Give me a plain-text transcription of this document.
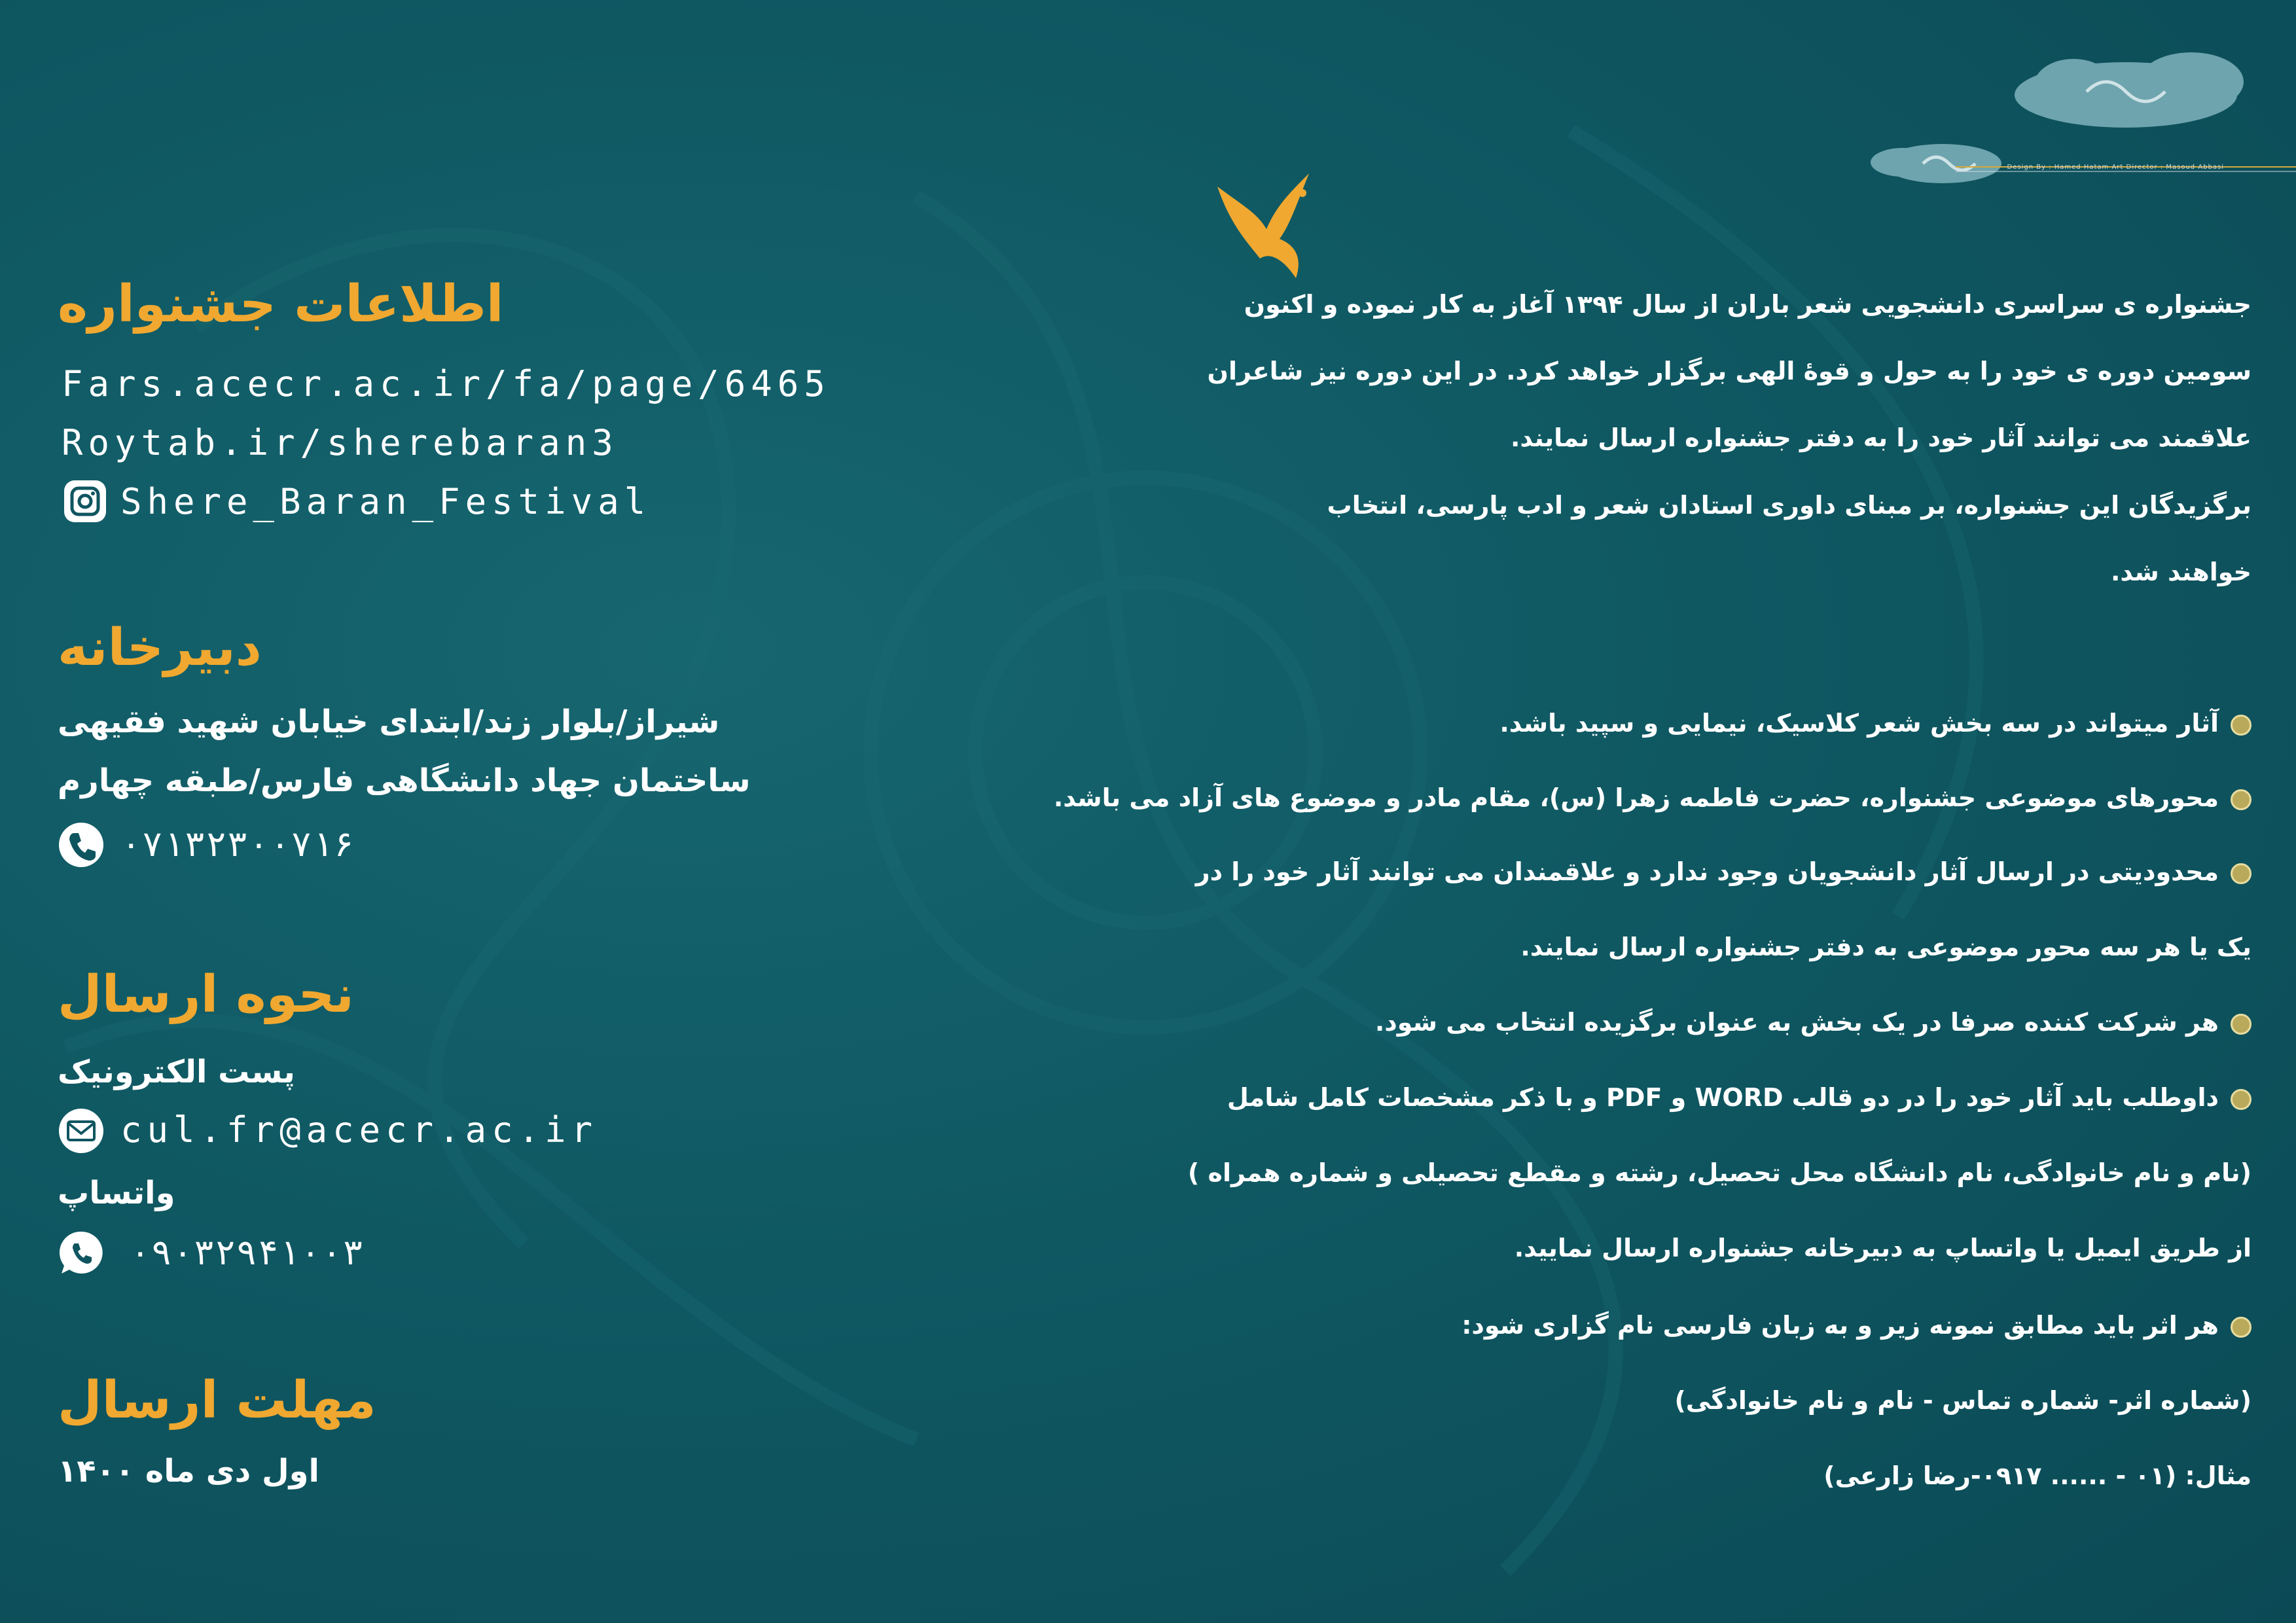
Design By : Hamed Hatam Art Director : Masoud Abbasi
اطلاعات جشنواره
Fars.acecr.ac.ir/fa/page/6465
Roytab.ir/sherebaran3
Shere_Baran_Festival
دبیرخانه
شیراز/بلوار زند/ابتدای خیابان شهید فقیهی
ساختمان جهاد دانشگاهی فارس/طبقه چهارم
۰۷۱۳۲۳۰۰۷۱۶
نحوه ارسال
پست الکترونیک
cul.fr@acecr.ac.ir
واتساپ
۰۹۰۳۲۹۴۱۰۰۳
مهلت ارسال
اول دی ماه ۱۴۰۰
جشنواره ی سراسری دانشجویی شعر باران از سال ۱۳۹۴ آغاز به کار نموده و اکنون
سومین دوره ی خود را به حول و قوهٔ الهی برگزار خواهد کرد. در این دوره نیز شاعران
علاقمند می توانند آثار خود را به دفتر جشنواره ارسال نمایند.
برگزیدگان این جشنواره، بر مبنای داوری استادان شعر و ادب پارسی، انتخاب
خواهند شد.
آثار میتواند در سه بخش شعر کلاسیک، نیمایی و سپید باشد.
محورهای موضوعی جشنواره، حضرت فاطمه زهرا (س)، مقام مادر و موضوع های آزاد می باشد.
محدودیتی در ارسال آثار دانشجویان وجود ندارد و علاقمندان می توانند آثار خود را در
یک یا هر سه محور موضوعی به دفتر جشنواره ارسال نمایند.
هر شرکت کننده صرفا در یک بخش به عنوان برگزیده انتخاب می شود.
داوطلب باید آثار خود را در دو قالب WORD و PDF و با ذکر مشخصات کامل شامل
(نام و نام خانوادگی، نام دانشگاه محل تحصیل، رشته و مقطع تحصیلی و شماره همراه )
از طریق ایمیل یا واتساپ به دبیرخانه جشنواره ارسال نمایید.
هر اثر باید مطابق نمونه زیر و به زبان فارسی نام گزاری شود:
(شماره اثر- شماره تماس - نام و نام خانوادگی)
مثال: (۰۱ - ...... ۰۹۱۷-رضا زارعی)
